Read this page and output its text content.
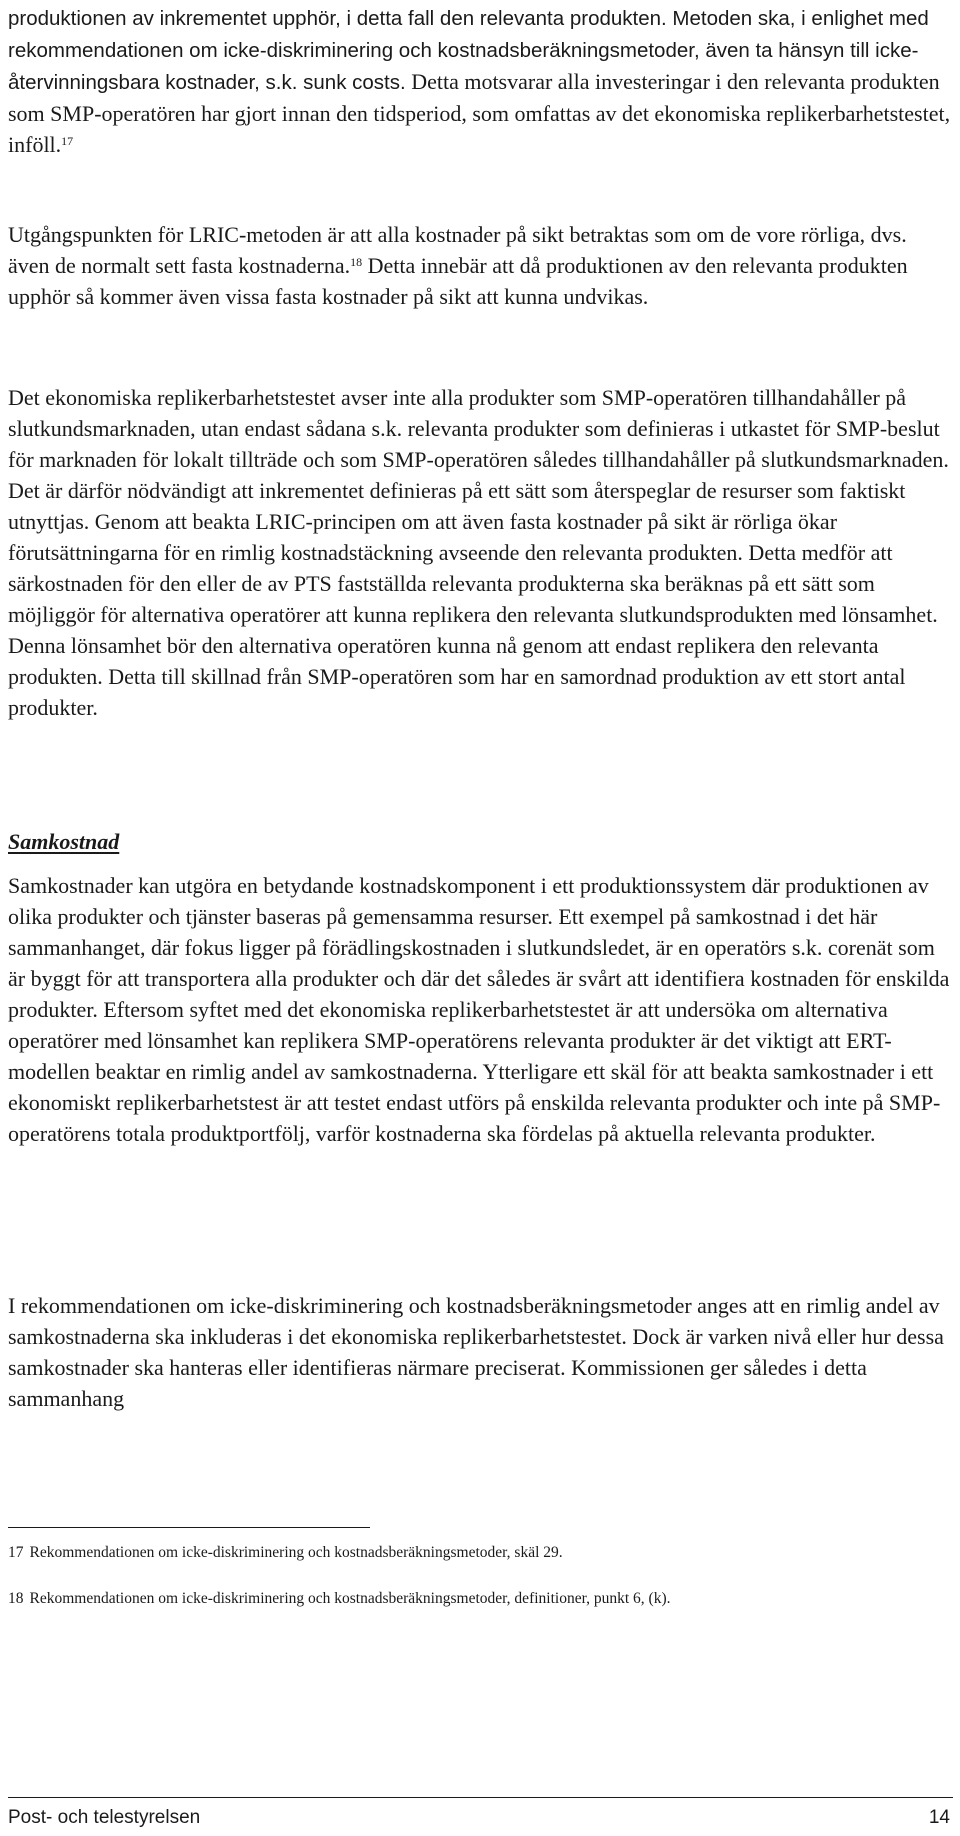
produktionen av inkrementet upphör, i detta fall den relevanta produkten. Metoden ska, i enlighet med rekommendationen om icke-diskriminering och kostnadsberäkningsmetoder, även ta hänsyn till icke-återvinningsbara kostnader, s.k. sunk costs. Detta motsvarar alla investeringar i den relevanta produkten som SMP-operatören har gjort innan den tidsperiod, som omfattas av det ekonomiska replikerbarhetstestet, inföll.$^{17}$

Utgångspunkten för LRIC-metoden är att alla kostnader på sikt betraktas som om de vore rörliga, dvs. även de normalt sett fasta kostnaderna.$^{18}$ Detta innebär att då produktionen av den relevanta produkten upphör så kommer även vissa fasta kostnader på sikt att kunna undvikas.

Det ekonomiska replikerbarhetstestet avser inte alla produkter som SMP-operatören tillhandahåller på slutkundsmarknaden, utan endast sådana s.k. relevanta produkter som definieras i utkastet för SMP-beslut för marknaden för lokalt tillträde och som SMP-operatören således tillhandahåller på slutkundsmarknaden. Det är därför nödvändigt att inkrementet definieras på ett sätt som återspeglar de resurser som faktiskt utnyttjas. Genom att beakta LRIC-principen om att även fasta kostnader på sikt är rörliga ökar förutsättningarna för en rimlig kostnadstäckning avseende den relevanta produkten. Detta medför att särkostnaden för den eller de av PTS fastställda relevanta produkterna ska beräknas på ett sätt som möjliggör för alternativa operatörer att kunna replikera den relevanta slutkundsprodukten med lönsamhet. Denna lönsamhet bör den alternativa operatören kunna nå genom att endast replikera den relevanta produkten. Detta till skillnad från SMP-operatören som har en samordnad produktion av ett stort antal produkter.

Samkostnad

Samkostnader kan utgöra en betydande kostnadskomponent i ett produktionssystem där produktionen av olika produkter och tjänster baseras på gemensamma resurser. Ett exempel på samkostnad i det här sammanhanget, där fokus ligger på förädlingskostnaden i slutkundsledet, är en operatörs s.k. corenät som är byggt för att transportera alla produkter och där det således är svårt att identifiera kostnaden för enskilda produkter. Eftersom syftet med det ekonomiska replikerbarhetstestet är att undersöka om alternativa operatörer med lönsamhet kan replikera SMP-operatörens relevanta produkter är det viktigt att ERT-modellen beaktar en rimlig andel av samkostnaderna. Ytterligare ett skäl för att beakta samkostnader i ett ekonomiskt replikerbarhetstest är att testet endast utförs på enskilda relevanta produkter och inte på SMP-operatörens totala produktportfölj, varför kostnaderna ska fördelas på aktuella relevanta produkter.

I rekommendationen om icke-diskriminering och kostnadsberäkningsmetoder anges att en rimlig andel av samkostnaderna ska inkluderas i det ekonomiska replikerbarhetstestet. Dock är varken nivå eller hur dessa samkostnader ska hanteras eller identifieras närmare preciserat. Kommissionen ger således i detta sammanhang

17 Rekommendationen om icke-diskriminering och kostnadsberäkningsmetoder, skäl 29.

18 Rekommendationen om icke-diskriminering och kostnadsberäkningsmetoder, definitioner, punkt 6, (k).

Post- och telestyrelsen	14
